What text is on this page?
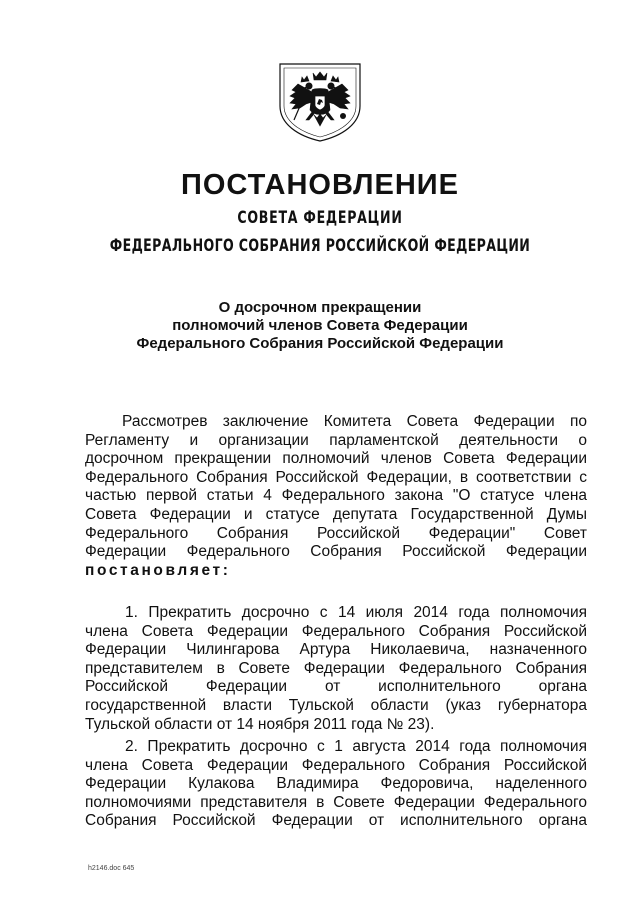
ПОСТАНОВЛЕНИЕ
СОВЕТА ФЕДЕРАЦИИ
ФЕДЕРАЛЬНОГО СОБРАНИЯ РОССИЙСКОЙ ФЕДЕРАЦИИ
О досрочном прекращении
полномочий членов Совета Федерации
Федерального Собрания Российской Федерации
Рассмотрев заключение Комитета Совета Федерации по
Регламенту и организации парламентской деятельности о
досрочном прекращении полномочий членов Совета Федерации
Федерального Собрания Российской Федерации, в соответствии с
частью первой статьи 4 Федерального закона "О статусе члена
Совета Федерации и статусе депутата Государственной Думы
Федерального Собрания Российской Федерации" Совет
Федерации Федерального Собрания Российской Федерации
постановляет:
1. Прекратить досрочно с 14 июля 2014 года полномочия
члена Совета Федерации Федерального Собрания Российской
Федерации Чилингарова Артура Николаевича, назначенного
представителем в Совете Федерации Федерального Собрания
Российской Федерации от исполнительного органа
государственной власти Тульской области (указ губернатора
Тульской области от 14 ноября 2011 года № 23).
2. Прекратить досрочно с 1 августа 2014 года полномочия
члена Совета Федерации Федерального Собрания Российской
Федерации Кулакова Владимира Федоровича, наделенного
полномочиями представителя в Совете Федерации Федерального
Собрания Российской Федерации от исполнительного органа
h2146.doc 645
